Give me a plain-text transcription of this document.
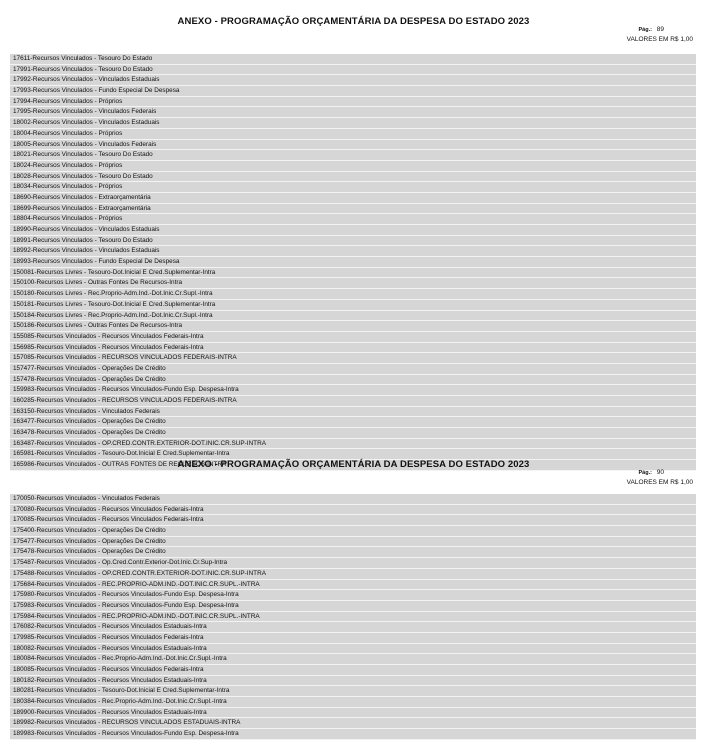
ANEXO - PROGRAMAÇÃO ORÇAMENTÁRIA DA DESPESA DO ESTADO 2023
Pág.: 89
VALORES EM R$ 1,00
17611-Recursos Vinculados - Tesouro Do Estado
17991-Recursos Vinculados - Tesouro Do Estado
17992-Recursos Vinculados - Vinculados Estaduais
17993-Recursos Vinculados - Fundo Especial De Despesa
17994-Recursos Vinculados - Próprios
17995-Recursos Vinculados - Vinculados Federais
18002-Recursos Vinculados - Vinculados Estaduais
18004-Recursos Vinculados - Próprios
18005-Recursos Vinculados - Vinculados Federais
18021-Recursos Vinculados - Tesouro Do Estado
18024-Recursos Vinculados - Próprios
18028-Recursos Vinculados - Tesouro Do Estado
18034-Recursos Vinculados - Próprios
18690-Recursos Vinculados - Extraorçamentária
18699-Recursos Vinculados - Extraorçamentária
18804-Recursos Vinculados - Próprios
18990-Recursos Vinculados - Vinculados Estaduais
18991-Recursos Vinculados - Tesouro Do Estado
18992-Recursos Vinculados - Vinculados Estaduais
18993-Recursos Vinculados - Fundo Especial De Despesa
150081-Recursos Livres - Tesouro-Dot.Inicial E Cred.Suplementar-Intra
150100-Recursos Livres - Outras Fontes De Recursos-Intra
150180-Recursos Livres - Rec.Proprio-Adm.Ind.-Dot.Inic.Cr.Supl.-Intra
150181-Recursos Livres - Tesouro-Dot.Inicial E Cred.Suplementar-Intra
150184-Recursos Livres - Rec.Proprio-Adm.Ind.-Dot.Inic.Cr.Supl.-Intra
150186-Recursos Livres - Outras Fontes De Recursos-Intra
155085-Recursos Vinculados - Recursos Vinculados Federais-Intra
156985-Recursos Vinculados - Recursos Vinculados Federais-Intra
157085-Recursos Vinculados - RECURSOS VINCULADOS FEDERAIS-INTRA
157477-Recursos Vinculados - Operações De Crédito
157478-Recursos Vinculados - Operações De Crédito
159983-Recursos Vinculados - Recursos Vinculados-Fundo Esp. Despesa-Intra
160285-Recursos Vinculados - RECURSOS VINCULADOS FEDERAIS-INTRA
163150-Recursos Vinculados - Vinculados Federais
163477-Recursos Vinculados - Operações De Crédito
163478-Recursos Vinculados - Operações De Crédito
163487-Recursos Vinculados - OP.CRED.CONTR.EXTERIOR-DOT.INIC.CR.SUP-INTRA
165981-Recursos Vinculados - Tesouro-Dot.Inicial E Cred.Suplementar-Intra
165986-Recursos Vinculados - OUTRAS FONTES DE RECURSOS-INTRA
ANEXO - PROGRAMAÇÃO ORÇAMENTÁRIA DA DESPESA DO ESTADO 2023
Pág.: 90
VALORES EM R$ 1,00
170050-Recursos Vinculados - Vinculados Federais
170080-Recursos Vinculados - Recursos Vinculados Federais-Intra
170085-Recursos Vinculados - Recursos Vinculados Federais-Intra
175400-Recursos Vinculados - Operações De Crédito
175477-Recursos Vinculados - Operações De Crédito
175478-Recursos Vinculados - Operações De Crédito
175487-Recursos Vinculados - Op.Cred.Contr.Exterior-Dot.Inic.Cr.Sup-Intra
175488-Recursos Vinculados - OP.CRED.CONTR.EXTERIOR-DOT.INIC.CR.SUP-INTRA
175684-Recursos Vinculados - REC.PROPRIO-ADM.IND.-DOT.INIC.CR.SUPL.-INTRA
175980-Recursos Vinculados - Recursos Vinculados-Fundo Esp. Despesa-Intra
175983-Recursos Vinculados - Recursos Vinculados-Fundo Esp. Despesa-Intra
175984-Recursos Vinculados - REC.PROPRIO-ADM.IND.-DOT.INIC.CR.SUPL.-INTRA
176082-Recursos Vinculados - Recursos Vinculados Estaduais-Intra
179985-Recursos Vinculados - Recursos Vinculados Federais-Intra
180082-Recursos Vinculados - Recursos Vinculados Estaduais-Intra
180084-Recursos Vinculados - Rec.Proprio-Adm.Ind.-Dot.Inic.Cr.Supl.-Intra
180085-Recursos Vinculados - Recursos Vinculados Federais-Intra
180182-Recursos Vinculados - Recursos Vinculados Estaduais-Intra
180281-Recursos Vinculados - Tesouro-Dot.Inicial E Cred.Suplementar-Intra
180384-Recursos Vinculados - Rec.Proprio-Adm.Ind.-Dot.Inic.Cr.Supl.-Intra
189900-Recursos Vinculados - Recursos Vinculados Estaduais-Intra
189982-Recursos Vinculados - RECURSOS VINCULADOS ESTADUAIS-INTRA
189983-Recursos Vinculados - Recursos Vinculados-Fundo Esp. Despesa-Intra
